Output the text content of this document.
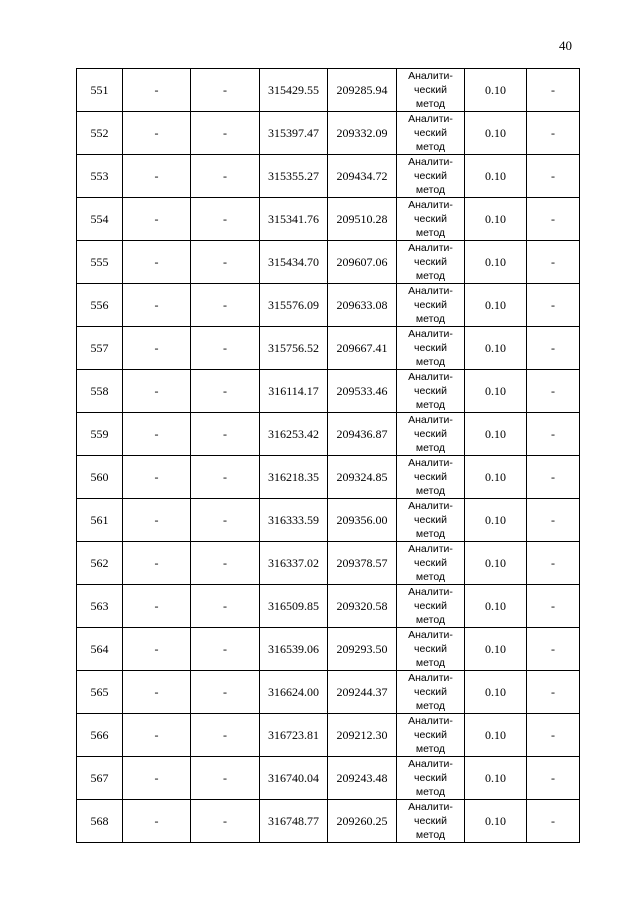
40
551	-	-	315429.55	209285.94	Аналити-
ческий
метод	0.10	-
552	-	-	315397.47	209332.09	Аналити-
ческий
метод	0.10	-
553	-	-	315355.27	209434.72	Аналити-
ческий
метод	0.10	-
554	-	-	315341.76	209510.28	Аналити-
ческий
метод	0.10	-
555	-	-	315434.70	209607.06	Аналити-
ческий
метод	0.10	-
556	-	-	315576.09	209633.08	Аналити-
ческий
метод	0.10	-
557	-	-	315756.52	209667.41	Аналити-
ческий
метод	0.10	-
558	-	-	316114.17	209533.46	Аналити-
ческий
метод	0.10	-
559	-	-	316253.42	209436.87	Аналити-
ческий
метод	0.10	-
560	-	-	316218.35	209324.85	Аналити-
ческий
метод	0.10	-
561	-	-	316333.59	209356.00	Аналити-
ческий
метод	0.10	-
562	-	-	316337.02	209378.57	Аналити-
ческий
метод	0.10	-
563	-	-	316509.85	209320.58	Аналити-
ческий
метод	0.10	-
564	-	-	316539.06	209293.50	Аналити-
ческий
метод	0.10	-
565	-	-	316624.00	209244.37	Аналити-
ческий
метод	0.10	-
566	-	-	316723.81	209212.30	Аналити-
ческий
метод	0.10	-
567	-	-	316740.04	209243.48	Аналити-
ческий
метод	0.10	-
568	-	-	316748.77	209260.25	Аналити-
ческий
метод	0.10	-
